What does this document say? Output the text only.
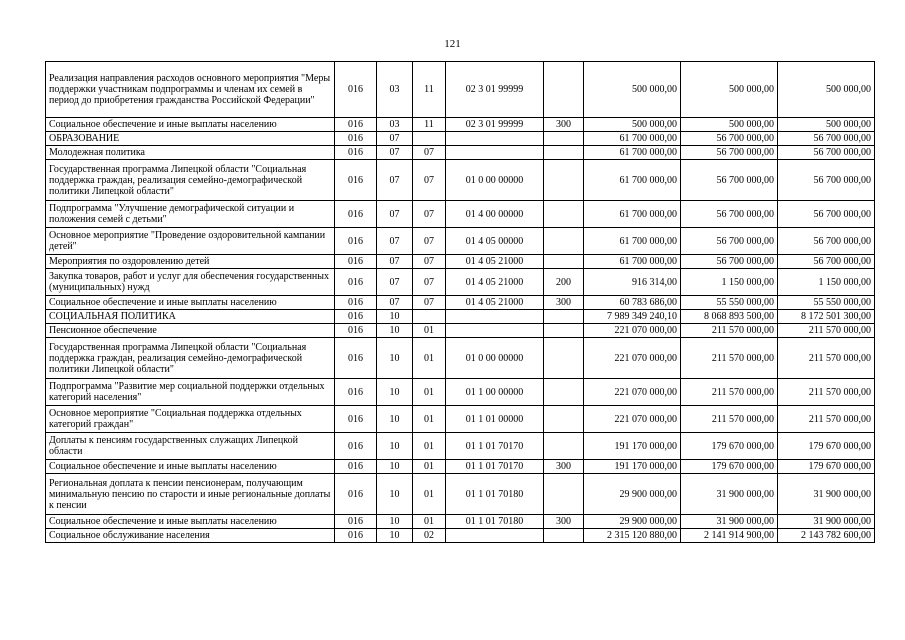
121
Реализация направления расходов основного мероприятия "Меры поддержки участникам подпрограммы и членам их семей в период до приобретения гражданства Российской Федерации"	016	03	11	02 3 01 99999		500 000,00	500 000,00	500 000,00
Социальное обеспечение и иные выплаты населению	016	03	11	02 3 01 99999	300	500 000,00	500 000,00	500 000,00
ОБРАЗОВАНИЕ	016	07				61 700 000,00	56 700 000,00	56 700 000,00
Молодежная политика	016	07	07			61 700 000,00	56 700 000,00	56 700 000,00
Государственная программа Липецкой области "Социальная поддержка граждан, реализация семейно-демографической политики Липецкой области"	016	07	07	01 0 00 00000		61 700 000,00	56 700 000,00	56 700 000,00
Подпрограмма "Улучшение демографической ситуации и положения семей с детьми"	016	07	07	01 4 00 00000		61 700 000,00	56 700 000,00	56 700 000,00
Основное мероприятие "Проведение оздоровительной кампании детей"	016	07	07	01 4 05 00000		61 700 000,00	56 700 000,00	56 700 000,00
Мероприятия по оздоровлению детей	016	07	07	01 4 05 21000		61 700 000,00	56 700 000,00	56 700 000,00
Закупка товаров, работ и услуг для обеспечения государственных (муниципальных) нужд	016	07	07	01 4 05 21000	200	916 314,00	1 150 000,00	1 150 000,00
Социальное обеспечение и иные выплаты населению	016	07	07	01 4 05 21000	300	60 783 686,00	55 550 000,00	55 550 000,00
СОЦИАЛЬНАЯ ПОЛИТИКА	016	10				7 989 349 240,10	8 068 893 500,00	8 172 501 300,00
Пенсионное обеспечение	016	10	01			221 070 000,00	211 570 000,00	211 570 000,00
Государственная программа Липецкой области "Социальная поддержка граждан, реализация семейно-демографической политики Липецкой области"	016	10	01	01 0 00 00000		221 070 000,00	211 570 000,00	211 570 000,00
Подпрограмма "Развитие мер социальной поддержки отдельных категорий населения"	016	10	01	01 1 00 00000		221 070 000,00	211 570 000,00	211 570 000,00
Основное мероприятие "Социальная поддержка отдельных категорий граждан"	016	10	01	01 1 01 00000		221 070 000,00	211 570 000,00	211 570 000,00
Доплаты к пенсиям государственных служащих Липецкой области	016	10	01	01 1 01 70170		191 170 000,00	179 670 000,00	179 670 000,00
Социальное обеспечение и иные выплаты населению	016	10	01	01 1 01 70170	300	191 170 000,00	179 670 000,00	179 670 000,00
Региональная доплата к пенсии пенсионерам, получающим минимальную пенсию по старости и иные региональные доплаты к пенсии	016	10	01	01 1 01 70180		29 900 000,00	31 900 000,00	31 900 000,00
Социальное обеспечение и иные выплаты населению	016	10	01	01 1 01 70180	300	29 900 000,00	31 900 000,00	31 900 000,00
Социальное обслуживание населения	016	10	02			2 315 120 880,00	2 141 914 900,00	2 143 782 600,00
